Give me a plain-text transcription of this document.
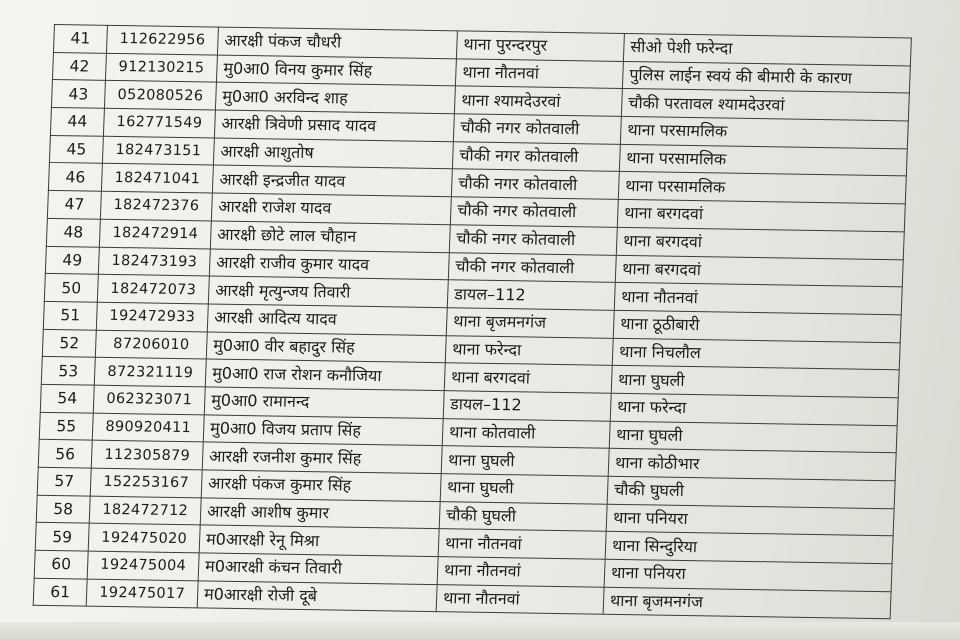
41	112622956	आरक्षी पंकज चौधरी	थाना पुरन्दरपुर	सीओ पेशी फरेन्दा
42	912130215	मु0आ0 विनय कुमार सिंह	थाना नौतनवां	पुलिस लाईन स्वयं की बीमारी के कारण
43	052080526	मु0आ0 अरविन्द शाह	थाना श्यामदेउरवां	चौकी परतावल श्यामदेउरवां
44	162771549	आरक्षी त्रिवेणी प्रसाद यादव	चौकी नगर कोतवाली	थाना परसामलिक
45	182473151	आरक्षी आशुतोष	चौकी नगर कोतवाली	थाना परसामलिक
46	182471041	आरक्षी इन्द्रजीत यादव	चौकी नगर कोतवाली	थाना परसामलिक
47	182472376	आरक्षी राजेश यादव	चौकी नगर कोतवाली	थाना बरगदवां
48	182472914	आरक्षी छोटे लाल चौहान	चौकी नगर कोतवाली	थाना बरगदवां
49	182473193	आरक्षी राजीव कुमार यादव	चौकी नगर कोतवाली	थाना बरगदवां
50	182472073	आरक्षी मृत्युन्जय तिवारी	डायल–112	थाना नौतनवां
51	192472933	आरक्षी आदित्य यादव	थाना बृजमनगंज	थाना ठूठीबारी
52	87206010	मु0आ0 वीर बहादुर सिंह	थाना फरेन्दा	थाना निचलौल
53	872321119	मु0आ0 राज रोशन कनौजिया	थाना बरगदवां	थाना घुघली
54	062323071	मु0आ0 रामानन्द	डायल–112	थाना फरेन्दा
55	890920411	मु0आ0 विजय प्रताप सिंह	थाना कोतवाली	थाना घुघली
56	112305879	आरक्षी रजनीश कुमार सिंह	थाना घुघली	थाना कोठीभार
57	152253167	आरक्षी पंकज कुमार सिंह	थाना घुघली	चौकी घुघली
58	182472712	आरक्षी आशीष कुमार	चौकी घुघली	थाना पनियरा
59	192475020	म0आरक्षी रेनू मिश्रा	थाना नौतनवां	थाना सिन्दुरिया
60	192475004	म0आरक्षी कंचन तिवारी	थाना नौतनवां	थाना पनियरा
61	192475017	म0आरक्षी रोजी दूबे	थाना नौतनवां	थाना बृजमनगंज
